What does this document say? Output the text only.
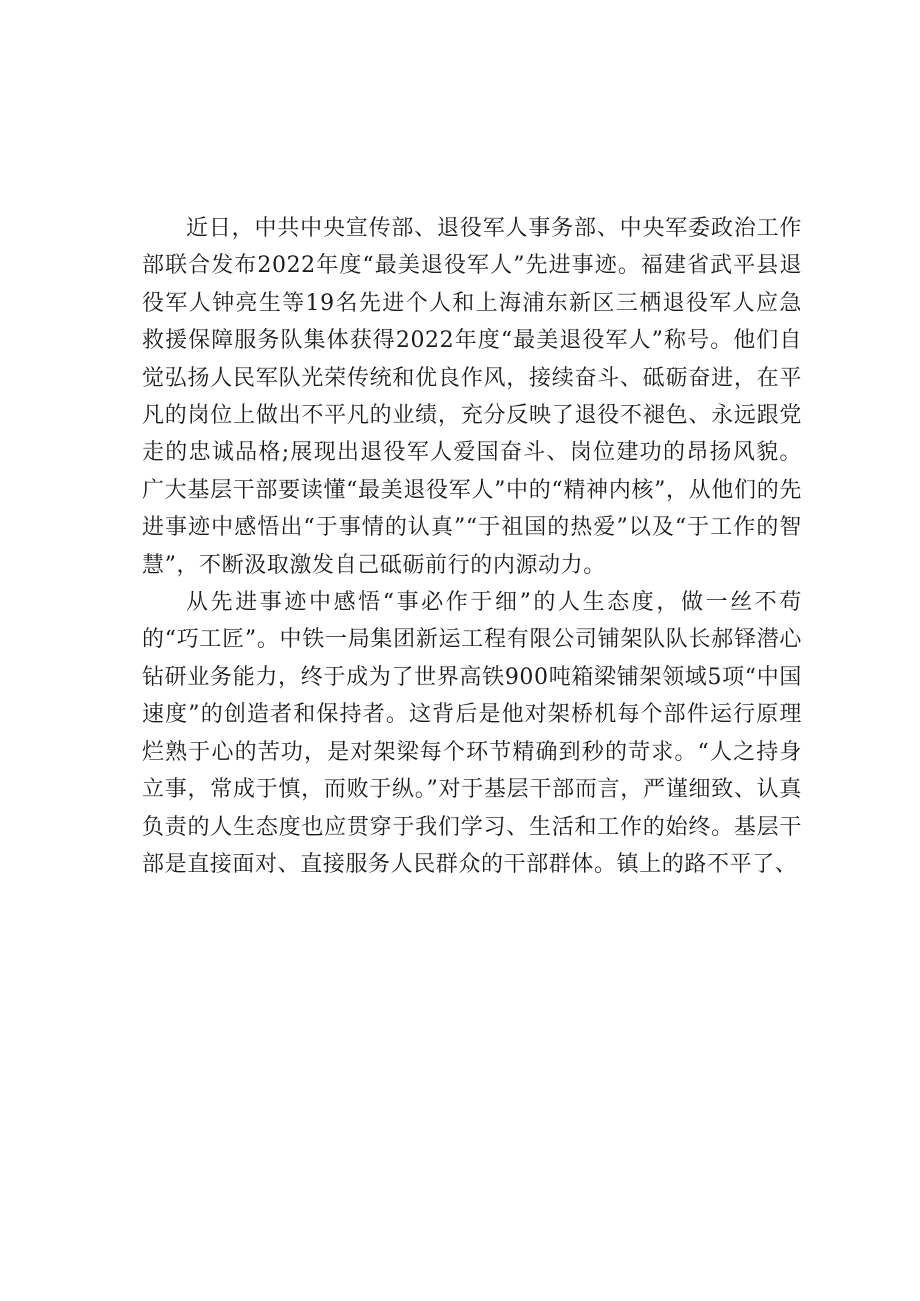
近日，中共中央宣传部、退役军人事务部、中央军委政治工作部联合发布2022年度“最美退役军人”先进事迹。福建省武平县退役军人钟亮生等19名先进个人和上海浦东新区三栖退役军人应急救援保障服务队集体获得2022年度“最美退役军人”称号。他们自觉弘扬人民军队光荣传统和优良作风，接续奋斗、砥砺奋进，在平凡的岗位上做出不平凡的业绩，充分反映了退役不褪色、永远跟党走的忠诚品格;展现出退役军人爱国奋斗、岗位建功的昂扬风貌。广大基层干部要读懂“最美退役军人”中的“精神内核”，从他们的先进事迹中感悟出“于事情的认真”“于祖国的热爱”以及“于工作的智慧”，不断汲取激发自己砥砺前行的内源动力。

从先进事迹中感悟“事必作于细”的人生态度，做一丝不苟的“巧工匠”。中铁一局集团新运工程有限公司铺架队队长郝铎潜心钻研业务能力，终于成为了世界高铁900吨箱梁铺架领域5项“中国速度”的创造者和保持者。这背后是他对架桥机每个部件运行原理烂熟于心的苦功，是对架梁每个环节精确到秒的苛求。“人之持身立事，常成于慎，而败于纵。”对于基层干部而言，严谨细致、认真负责的人生态度也应贯穿于我们学习、生活和工作的始终。基层干部是直接面对、直接服务人民群众的干部群体。镇上的路不平了、
